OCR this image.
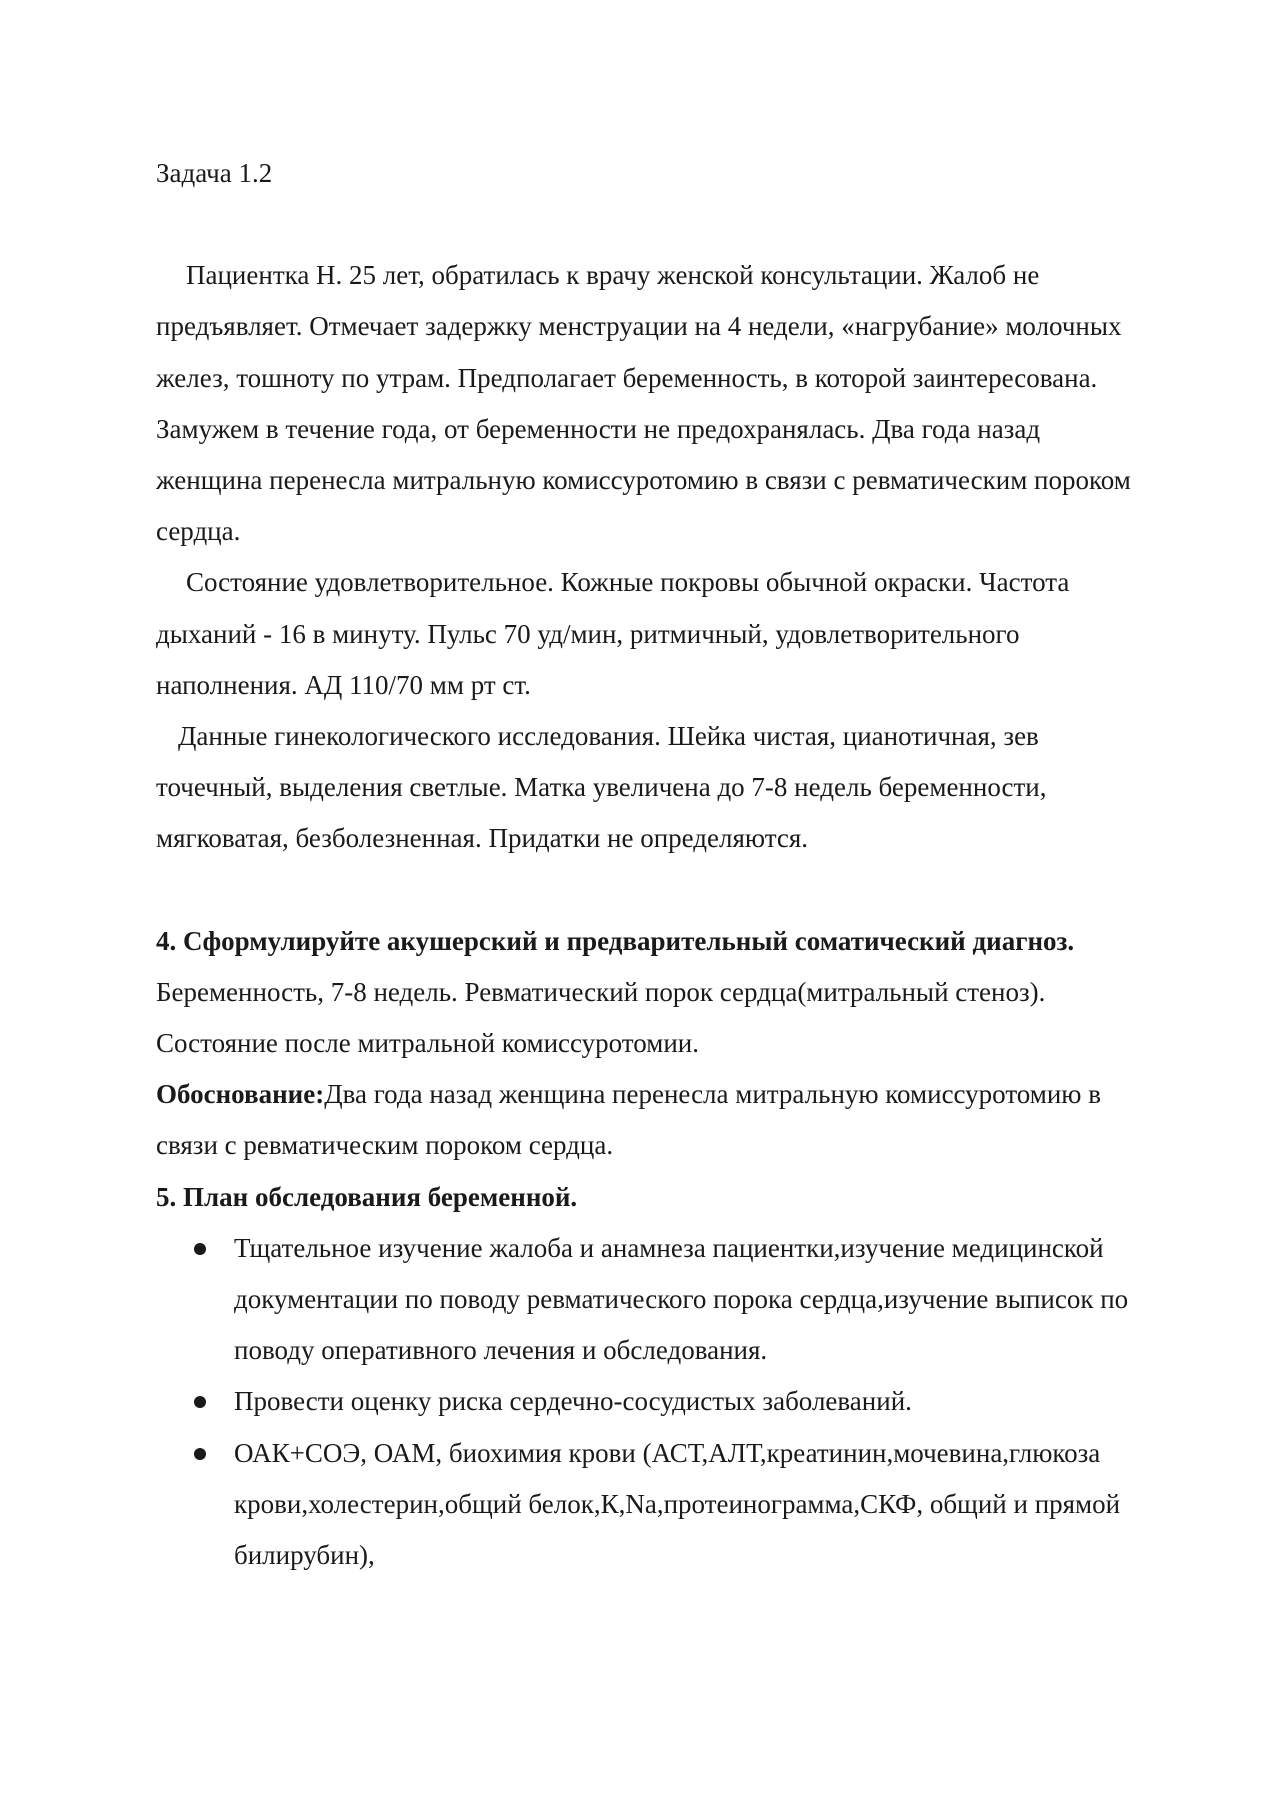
Задача 1.2

Пациентка Н. 25 лет, обратилась к врачу женской консультации. Жалоб не предъявляет. Отмечает задержку менструации на 4 недели, «нагрубание» молочных желез, тошноту по утрам. Предполагает беременность, в которой заинтересована. Замужем в течение года, от беременности не предохранялась. Два года назад женщина перенесла митральную комиссуротомию в связи с ревматическим пороком сердца.

Состояние удовлетворительное. Кожные покровы обычной окраски. Частота дыханий - 16 в минуту. Пульс 70 уд/мин, ритмичный, удовлетворительного наполнения. АД 110/70 мм рт ст.

Данные гинекологического исследования. Шейка чистая, цианотичная, зев точечный, выделения светлые. Матка увеличена до 7-8 недель беременности, мягковатая, безболезненная. Придатки не определяются.

4. Сформулируйте акушерский и предварительный соматический диагноз.

Беременность, 7-8 недель. Ревматический порок сердца(митральный стеноз). Состояние после митральной комиссуротомии.

Обоснование:Два года назад женщина перенесла митральную комиссуротомию в связи с ревматическим пороком сердца.

5. План обследования беременной.

Тщательное изучение жалоба и анамнеза пациентки,изучение медицинской документации по поводу ревматического порока сердца,изучение выписок по поводу оперативного лечения и обследования.
Провести оценку риска сердечно-сосудистых заболеваний.
ОАК+СОЭ, ОАМ, биохимия крови (АСТ,АЛТ,креатинин,мочевина,глюкоза крови,холестерин,общий белок,К,Na,протеинограмма,СКФ, общий и прямой билирубин),
